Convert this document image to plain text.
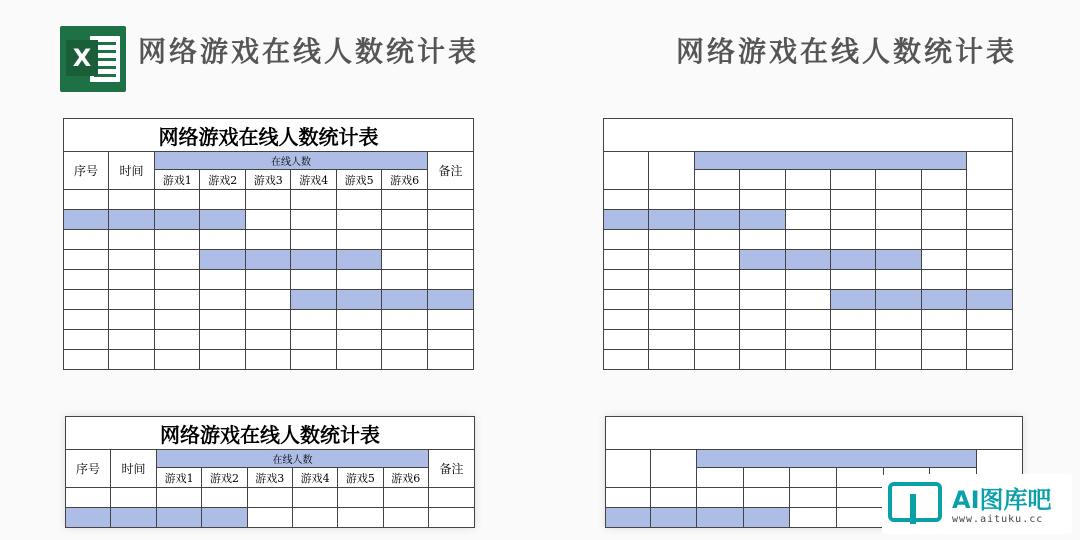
X 网络游戏在线人数统计表	网络游戏在线人数统计表
网络游戏在线人数统计表								
序号	时间	在线人数						备注
		游戏1	游戏2	游戏3	游戏4	游戏5	游戏6	

网络游戏在线人数统计表								
序号	时间	在线人数						备注
		游戏1	游戏2	游戏3	游戏4	游戏5	游戏6	

AI图库吧
www.aituku.cc
